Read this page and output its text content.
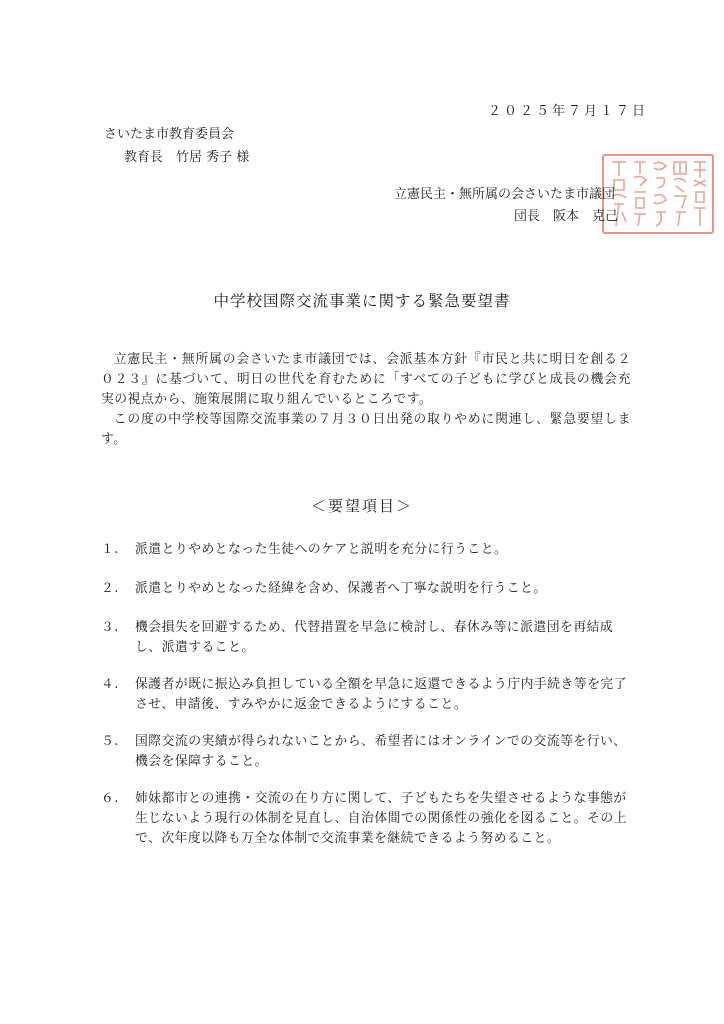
２０２５年７月１７日
さいたま市教育委員会
教育長　竹居 秀子 様
立憲民主・無所属の会さいたま市議団
団長　阪本　克己
中学校国際交流事業に関する緊急要望書

立憲民主・無所属の会さいたま市議団では、会派基本方針『市民と共に明日を創る２０２３』に基づいて、明日の世代を育むために「すべての子どもに学びと成長の機会充実の視点から、施策展開に取り組んでいるところです。

この度の中学校等国際交流事業の７月３０日出発の取りやめに関連し、緊急要望します。

＜要望項目＞
１.	派遣とりやめとなった生徒へのケアと説明を充分に行うこと。
２.	派遣とりやめとなった経緯を含め、保護者へ丁寧な説明を行うこと。
３.	機会損失を回避するため、代替措置を早急に検討し、春休み等に派遣団を再結成し、派遣すること。
４.	保護者が既に振込み負担している全額を早急に返還できるよう庁内手続き等を完了させ、申請後、すみやかに返金できるようにすること。
５.	国際交流の実績が得られないことから、希望者にはオンラインでの交流等を行い、機会を保障すること。
６.	姉妹都市との連携・交流の在り方に関して、子どもたちを失望させるような事態が生じないよう現行の体制を見直し、自治体間での関係性の強化を図ること。その上で、次年度以降も万全な体制で交流事業を継続できるよう努めること。
